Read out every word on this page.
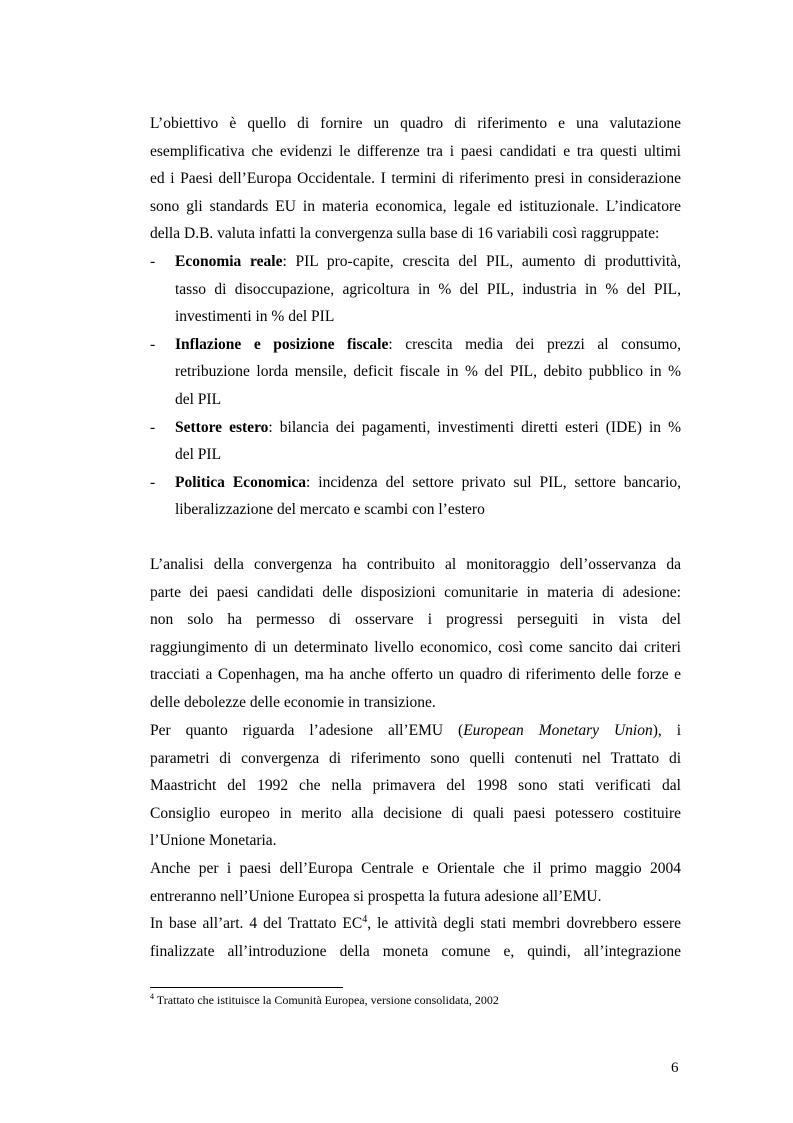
L’obiettivo è quello di fornire un quadro di riferimento e una valutazione
esemplificativa che evidenzi le differenze tra i paesi candidati e tra questi ultimi
ed i Paesi dell’Europa Occidentale. I termini di riferimento presi in considerazione
sono gli standards EU in materia economica, legale ed istituzionale. L’indicatore
della D.B. valuta infatti la convergenza sulla base di 16 variabili così raggruppate:
- Economia reale: PIL pro-capite, crescita del PIL, aumento di produttività,
tasso di disoccupazione, agricoltura in % del PIL, industria in % del PIL,
investimenti in % del PIL
- Inflazione e posizione fiscale: crescita media dei prezzi al consumo,
retribuzione lorda mensile, deficit fiscale in % del PIL, debito pubblico in %
del PIL
- Settore estero: bilancia dei pagamenti, investimenti diretti esteri (IDE) in %
del PIL
- Politica Economica: incidenza del settore privato sul PIL, settore bancario,
liberalizzazione del mercato e scambi con l’estero
L’analisi della convergenza ha contribuito al monitoraggio dell’osservanza da
parte dei paesi candidati delle disposizioni comunitarie in materia di adesione:
non solo ha permesso di osservare i progressi perseguiti in vista del
raggiungimento di un determinato livello economico, così come sancito dai criteri
tracciati a Copenhagen, ma ha anche offerto un quadro di riferimento delle forze e
delle debolezze delle economie in transizione.
Per quanto riguarda l’adesione all’EMU (European Monetary Union), i
parametri di convergenza di riferimento sono quelli contenuti nel Trattato di
Maastricht del 1992 che nella primavera del 1998 sono stati verificati dal
Consiglio europeo in merito alla decisione di quali paesi potessero costituire
l’Unione Monetaria.
Anche per i paesi dell’Europa Centrale e Orientale che il primo maggio 2004
entreranno nell’Unione Europea si prospetta la futura adesione all’EMU.
In base all’art. 4 del Trattato $EC^4$, le attività degli stati membri dovrebbero essere
finalizzate all’introduzione della moneta comune e, quindi, all’integrazione
$^4$ Trattato che istituisce la Comunità Europea, versione consolidata, 2002
6
